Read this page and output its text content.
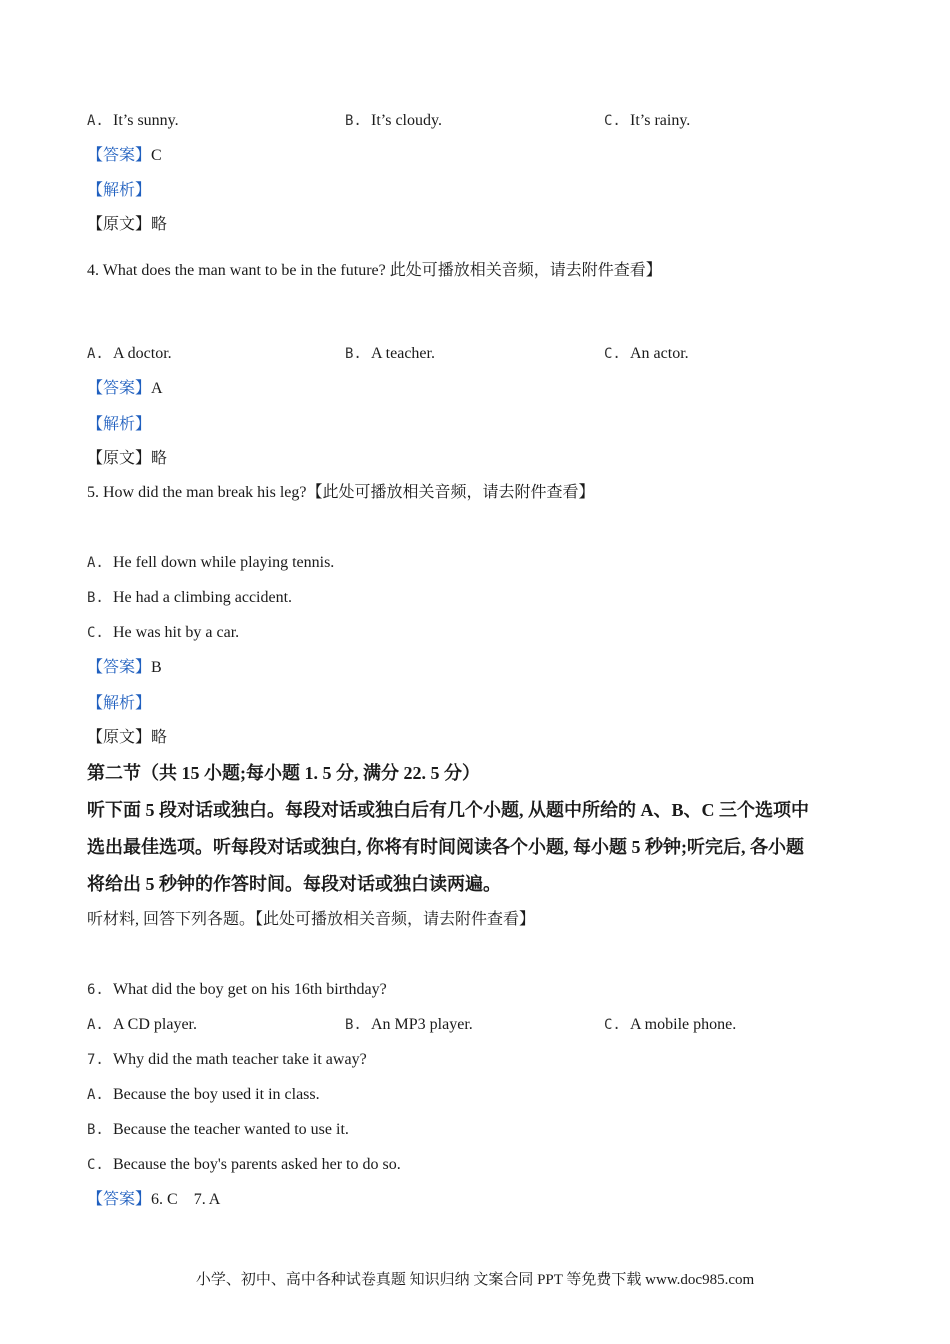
A. It’s sunny.	B. It’s cloudy.	C. It’s rainy.
【答案】C
【解析】
【原文】略
4. What does the man want to be in the future? 此处可播放相关音频，请去附件查看】
A. A doctor.	B. A teacher.	C. An actor.
【答案】A
【解析】
【原文】略
5. How did the man break his leg?【此处可播放相关音频，请去附件查看】
A. He fell down while playing tennis.
B. He had a climbing accident.
C. He was hit by a car.
【答案】B
【解析】
【原文】略
第二节（共 15 小题;每小题 1. 5 分, 满分 22. 5 分）
听下面 5 段对话或独白。每段对话或独白后有几个小题, 从题中所给的 A、B、C 三个选项中
选出最佳选项。听每段对话或独白, 你将有时间阅读各个小题, 每小题 5 秒钟;听完后, 各小题
将给出 5 秒钟的作答时间。每段对话或独白读两遍。
听材料, 回答下列各题。【此处可播放相关音频，请去附件查看】
6. What did the boy get on his 16th birthday?
A. A CD player.	B. An MP3 player.	C. A mobile phone.
7. Why did the math teacher take it away?
A. Because the boy used it in class.
B. Because the teacher wanted to use it.
C. Because the boy's parents asked her to do so.
【答案】6. C    7. A
小学、初中、高中各种试卷真题 知识归纳 文案合同 PPT 等免费下载 www.doc985.com
